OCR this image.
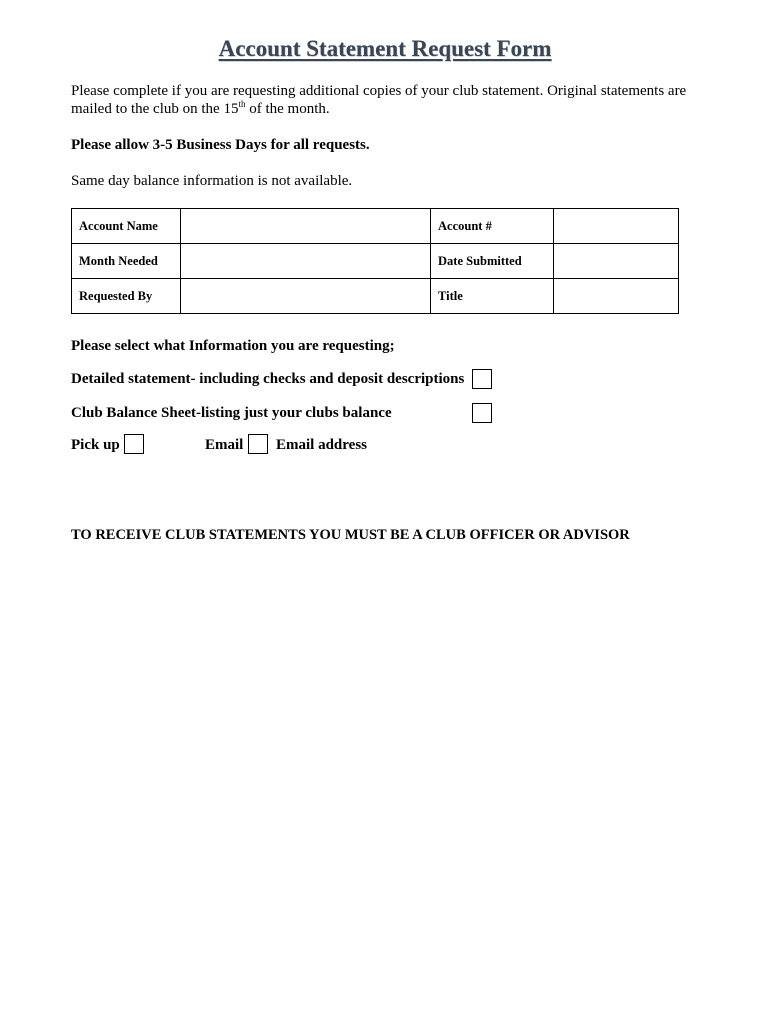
Account Statement Request Form

Please complete if you are requesting additional copies of your club statement. Original statements are mailed to the club on the 15th of the month.

Please allow 3-5 Business Days for all requests.

Same day balance information is not available.

Account Name		Account #	
Month Needed		Date Submitted	
Requested By		Title	

Please select what Information you are requesting;

Detailed statement- including checks and deposit descriptions

Club Balance Sheet-listing just your clubs balance

Pick up	Email Email address

TO RECEIVE CLUB STATEMENTS YOU MUST BE A CLUB OFFICER OR ADVISOR
